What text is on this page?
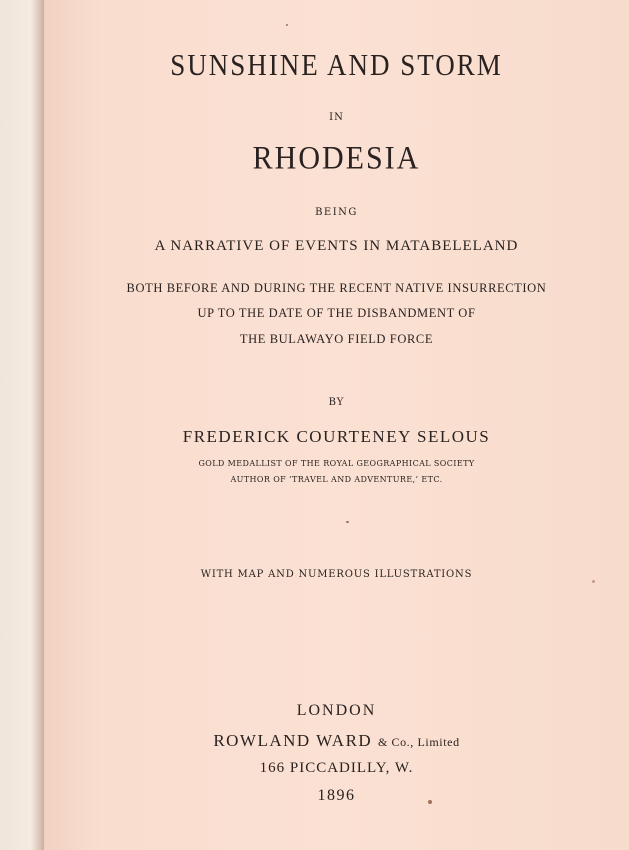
SUNSHINE AND STORM
IN
RHODESIA
BEING
A NARRATIVE OF EVENTS IN MATABELELAND
BOTH BEFORE AND DURING THE RECENT NATIVE INSURRECTION
UP TO THE DATE OF THE DISBANDMENT OF
THE BULAWAYO FIELD FORCE
BY
FREDERICK COURTENEY SELOUS
GOLD MEDALLIST OF THE ROYAL GEOGRAPHICAL SOCIETY
AUTHOR OF ‘TRAVEL AND ADVENTURE,’ ETC.
WITH MAP AND NUMEROUS ILLUSTRATIONS
LONDON
ROWLAND WARD & Co., Limited
166 PICCADILLY, W.
1896
